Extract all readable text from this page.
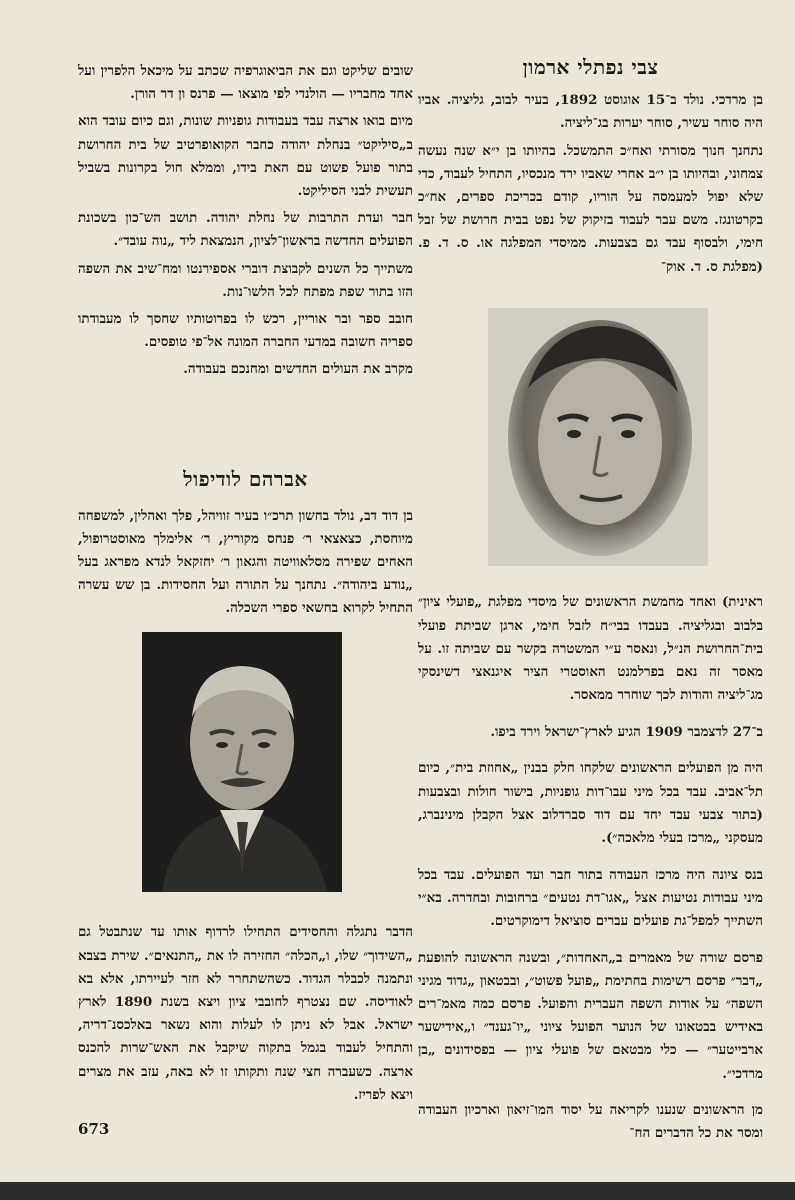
צבי נפתלי ארמון

בן מרדכי. נולד ב־15 אוגוסט 1892, בעיר לבוב, גליציה. אביו היה סוחר עשיר, סוחר יערות בג־ליציה.

נתחנך חנוך מסורתי ואח״כ התמשכל. בהיותו בן י״א שנה נעשה צמחוני, ובהיותו בן י״ב אחרי שאביו ירד מנכסיו, התחיל לעבוד, כדי שלא יפול למעמסה על הוריו, קודם בכריכת ספרים, אח״כ בקרטונגז. משם עבר לעבוד בזיקוק של נפט בבית חרושת של זבל חימי, ולבסוף עבד גם בצבעות. ממיסדי המפלגה או. ס. ד. פ. (מפלגת ס. ד. אוק־

ראינית) ואחד מחמשת הראשונים של מיסדי מפלגת „פועלי ציון״ בלבוב ובגליציה. בעבדו בבי״ח לזבל חימי, ארגן שביתת פועלי בית־החרושת הנ״ל, ונאסר ע״י המשטרה בקשר עם שביתה זו. על מאסר זה נאם בפרלמנט האוסטרי הציר איגנאצי דשינסקי מג־ליציה והודות לכך שוחרר ממאסר.

ב־27 לדצמבר 1909 הגיע לארץ־ישראל וירד ביפו.

היה מן הפועלים הראשונים שלקחו חלק בבנין „אחוזת בית״, כיום תל־אביב. עבד בכל מיני עבו־דות גופניות, בישור חולות ובצבעות (בתור צבעי עבד יחד עם דוד סברדלוב אצל הקבלן מינינברג, מעסקני „מרכז בעלי מלאכה״).

בנס ציונה היה מרכז העבודה בתור חבר ועד הפועלים. עבד בכל מיני עבודות נטיעות אצל „אגו־דת נטעים״ ברחובות ובחדרה. בא״י השתייך למפל־גת פועלים עברים סוציאל דימוקרטים.

פרסם שורה של מאמרים ב„האחדות״, ובשנה הראשונה להופעת „דבר״ פרסם רשימות בחתימת „פועל פשוט״, ובבטאון „גדוד מגיני השפה״ על אודות השפה העברית והפועל. פרסם כמה מאמ־רים באידיש בבטאונו של הנוער הפועל ציוני „יו־גענד״ ו„אידישער ארבייטער״ — כלי מבטאם של פועלי ציון — בפסידונים „בן מרדכי״.

מן הראשונים שנענו לקריאה על יסוד המו־זיאון וארכיון העבודה ומסר את כל הדברים הח־

שובים שליקט וגם את הביאוגרפיה שכתב על מיכאל הלפרין ועל אחד מחבריו — הולנדי לפי מוצאו — פרנס ון דר הורן.

מיום בואו ארצה עבד בעבודות גופניות שונות, וגם כיום עובד הוא ב„סיליקט״ בנחלת יהודה כחבר הקואופרטיב של בית החרושת בתור פועל פשוט עם האת בידו, וממלא חול בקרונות בשביל תעשית לבני הסיליקט.

חבר ועדת התרבות של נחלת יהודה. תושב הש־כון בשכונת הפועלים החדשה בראשון־לציון, הנמצאת ליד „נוה עובד״.

משתייך כל השנים לקבוצת דוברי אספירנטו ומח־שיב את השפה הזו בתור שפת מפתח לכל הלשו־נות.

חובב ספר ובר אוריין, רכש לו בפרוטותיו שחסך לו מעבודתו ספריה חשובה במדעי החברה המונה אל־פי טופסים.

מקרב את העולים החדשים ומחנכם בעבודה.

אברהם לודיפול

בן דוד דב, נולד בחשון תרכ״ו בעיר זוויהל, פלך ואהלין, למשפחה מיוחסת, כצאצאי ר׳ פנחס מקוריץ, ר׳ אלימלך מאוסטרופול, האחים שפירה מסלאוויטה והגאון ר׳ יחזקאל לנדא מפראג בעל „נודע ביהודה״. נתחנך על התורה ועל החסידות. בן שש עשרה התחיל לקרוא בחשאי ספרי השכלה.

הדבר נתגלה והחסידים התחילו לרדוף אותו עד שנתבטל גם „השידוך״ שלו, ו„הכלה״ החזירה לו את „התנאים״. שירת בצבא ונתמנה לכבלר הגדוד. כשהשתחרר לא חזר לעיירתו, אלא בא לאודיסה. שם נצטרף לחובבי ציון ויצא בשנת 1890 לארץ ישראל. אבל לא ניתן לו לעלות והוא נשאר באלכסנ־דריה, והתחיל לעבוד בגמל בתקוה שיקבל את האש־שרות להכנס ארצה. כשעברה חצי שנה ותקותו זו לא באה, עזב את מצרים ויצא לפריז.

673
